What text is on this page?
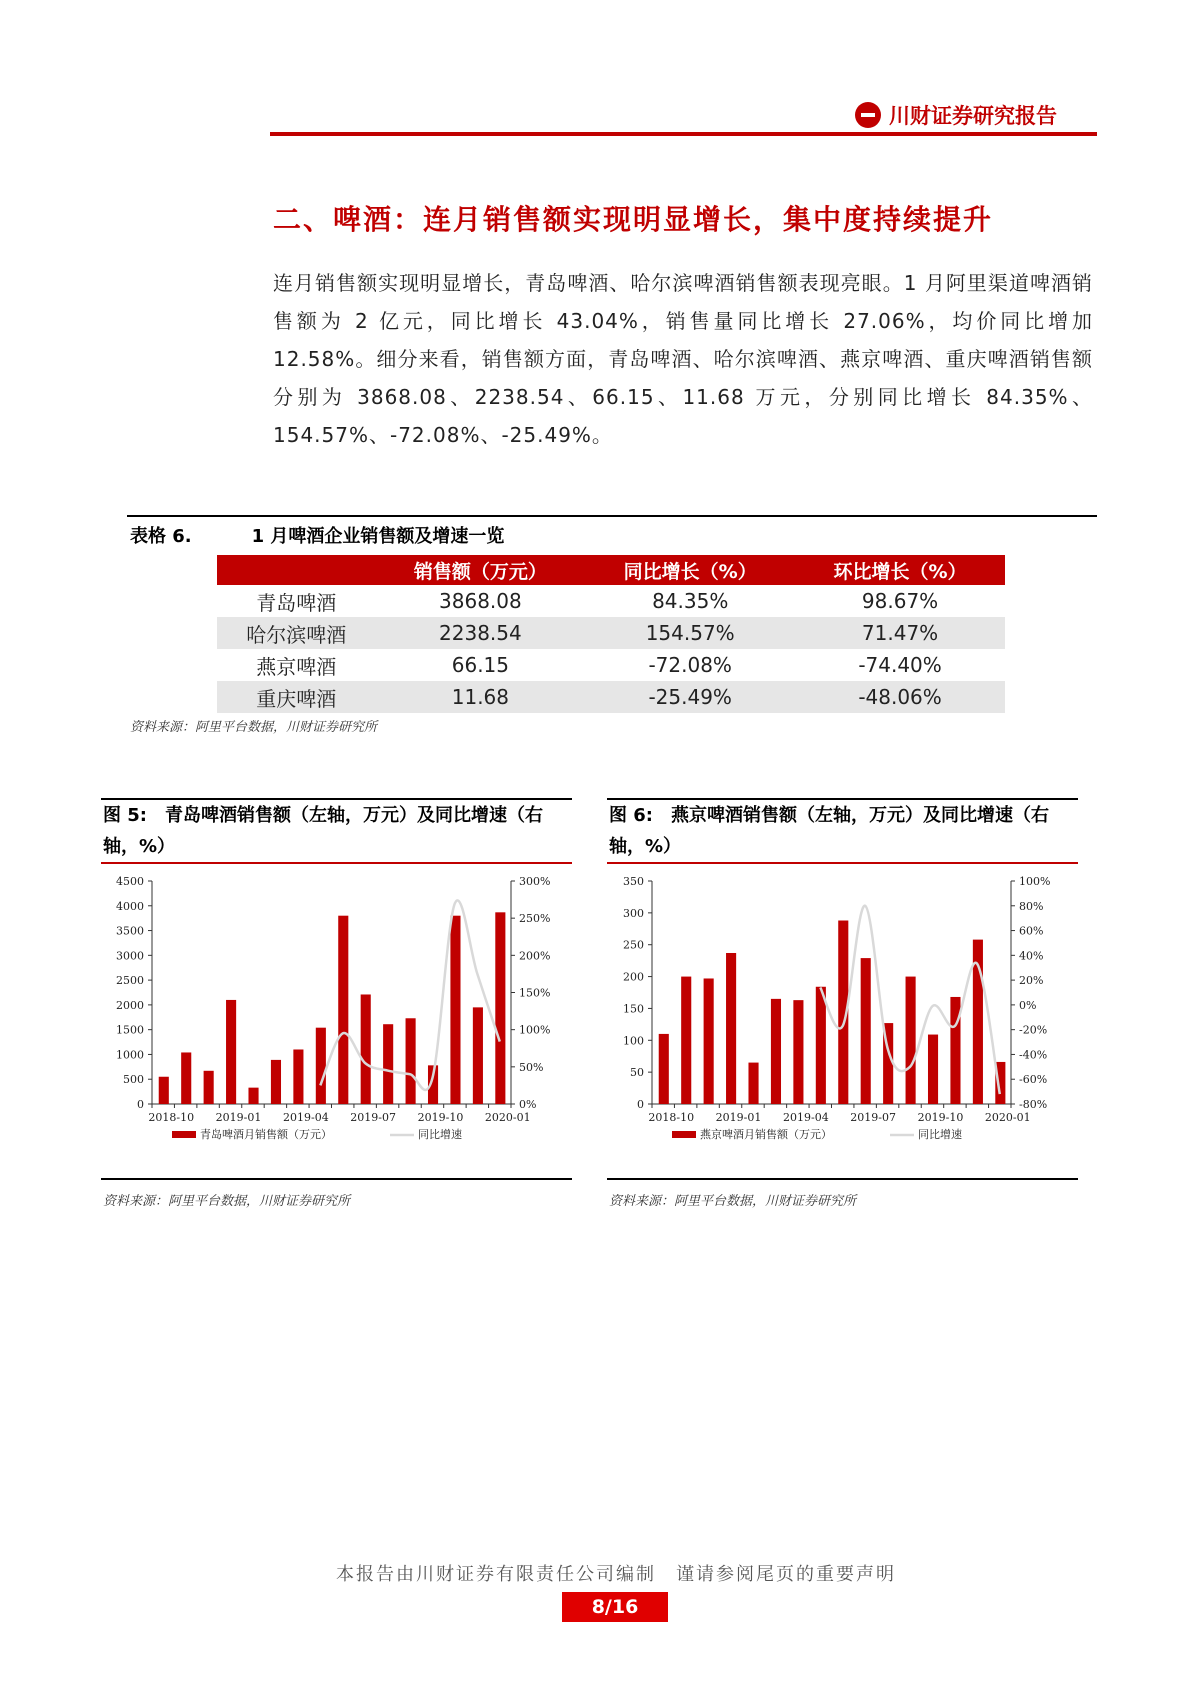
川财证券研究报告
二、啤酒：连月销售额实现明显增长，集中度持续提升
连月销售额实现明显增长，青岛啤酒、哈尔滨啤酒销售额表现亮眼。1 月阿里渠道啤酒销售额为 2 亿元，同比增长 43.04%，销售量同比增长 27.06%，均价同比增加 12.58%。细分来看，销售额方面，青岛啤酒、哈尔滨啤酒、燕京啤酒、重庆啤酒销售额分别为 3868.08、2238.54、66.15、11.68 万元，分别同比增长 84.35%、154.57%、-72.08%、-25.49%。
表格 6.	1 月啤酒企业销售额及增速一览
	销售额（万元）	同比增长（%）	环比增长（%）
青岛啤酒	3868.08	84.35%	98.67%
哈尔滨啤酒	2238.54	154.57%	71.47%
燕京啤酒	66.15	-72.08%	-74.40%
重庆啤酒	11.68	-25.49%	-48.06%
资料来源：阿里平台数据，川财证券研究所
图 5:　青岛啤酒销售额（左轴，万元）及同比增速（右轴，%）
0
500
1000
1500
2000
2500
3000
3500
4000
4500
0%
50%
100%
150%
200%
250%
300%
2018-10 2019-01 2019-04 2019-07 2019-10 2020-01
青岛啤酒月销售额（万元）	同比增速
资料来源：阿里平台数据，川财证券研究所
图 6:　燕京啤酒销售额（左轴，万元）及同比增速（右轴，%）
0
50
100
150
200
250
300
350
-80%
-60%
-40%
-20%
0%
20%
40%
60%
80%
100%
2018-10 2019-01 2019-04 2019-07 2019-10 2020-01
燕京啤酒月销售额（万元）	同比增速
资料来源：阿里平台数据，川财证券研究所
本报告由川财证券有限责任公司编制　谨请参阅尾页的重要声明
8/16
